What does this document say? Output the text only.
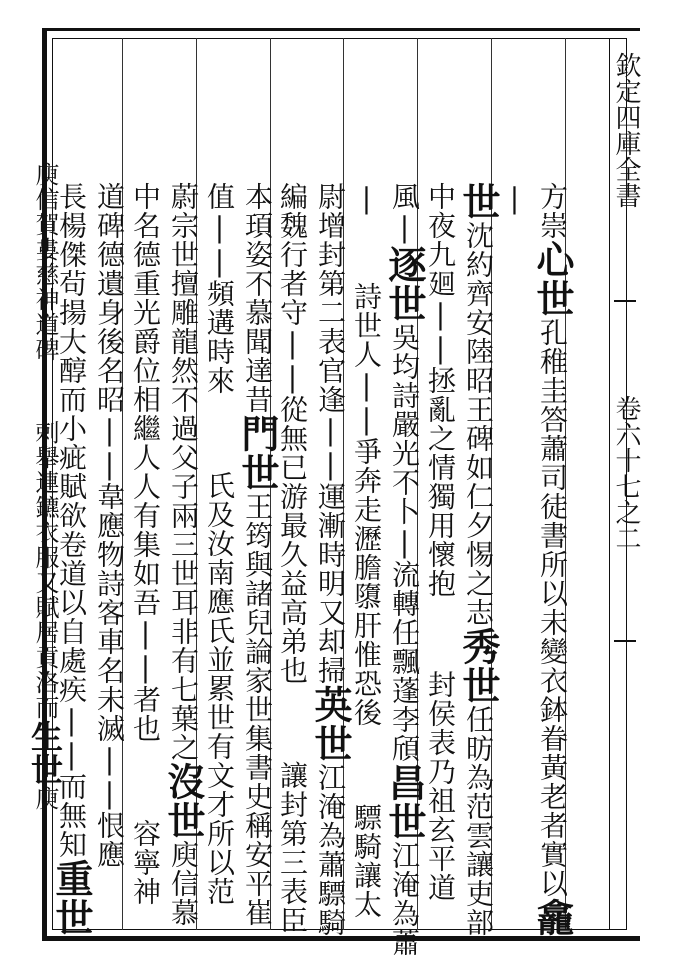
欽定四庫全書
卷六十七之二

方崇心世孔稚圭答蕭司徒書所以未變衣鉢眷黃老者實以龕

|

世沈約齊安陸昭王碑如仁夕惕之志秀世任昉為范雲讓吏部

中夜九廻||拯亂之情獨用懷抱封侯表乃祖玄平道

風|逐世吳均詩嚴光不卜|流轉任飄蓬李頎昌世江淹為蕭

|詩世人||爭奔走瀝膽隳肝惟恐後驃騎讓太

尉增封第二表官逢||運漸時明又却掃英世江淹為蕭驃騎

編魏行者守||從無已游最久益高弟也讓封第三表臣

本頊姿不慕聞達昔門世王筠與諸兒論家世集書史稱安平崔

值||頻遘時來氏及汝南應氏並累世有文才所以范

蔚宗世擅雕龍然不過父子兩三世耳非有七葉之沒世庾信慕

中名德重光爵位相繼人人有集如吾||者也容寧神

道碑德遺身後名昭||韋應物詩客車名未滅||恨應

長楊傑茍揚大醇而小疵賦欲卷道以自處疾||而無知重世

庾信賀婁慈神道碑||剌舉連鑣衣服又賦居貢洛而生世庾
